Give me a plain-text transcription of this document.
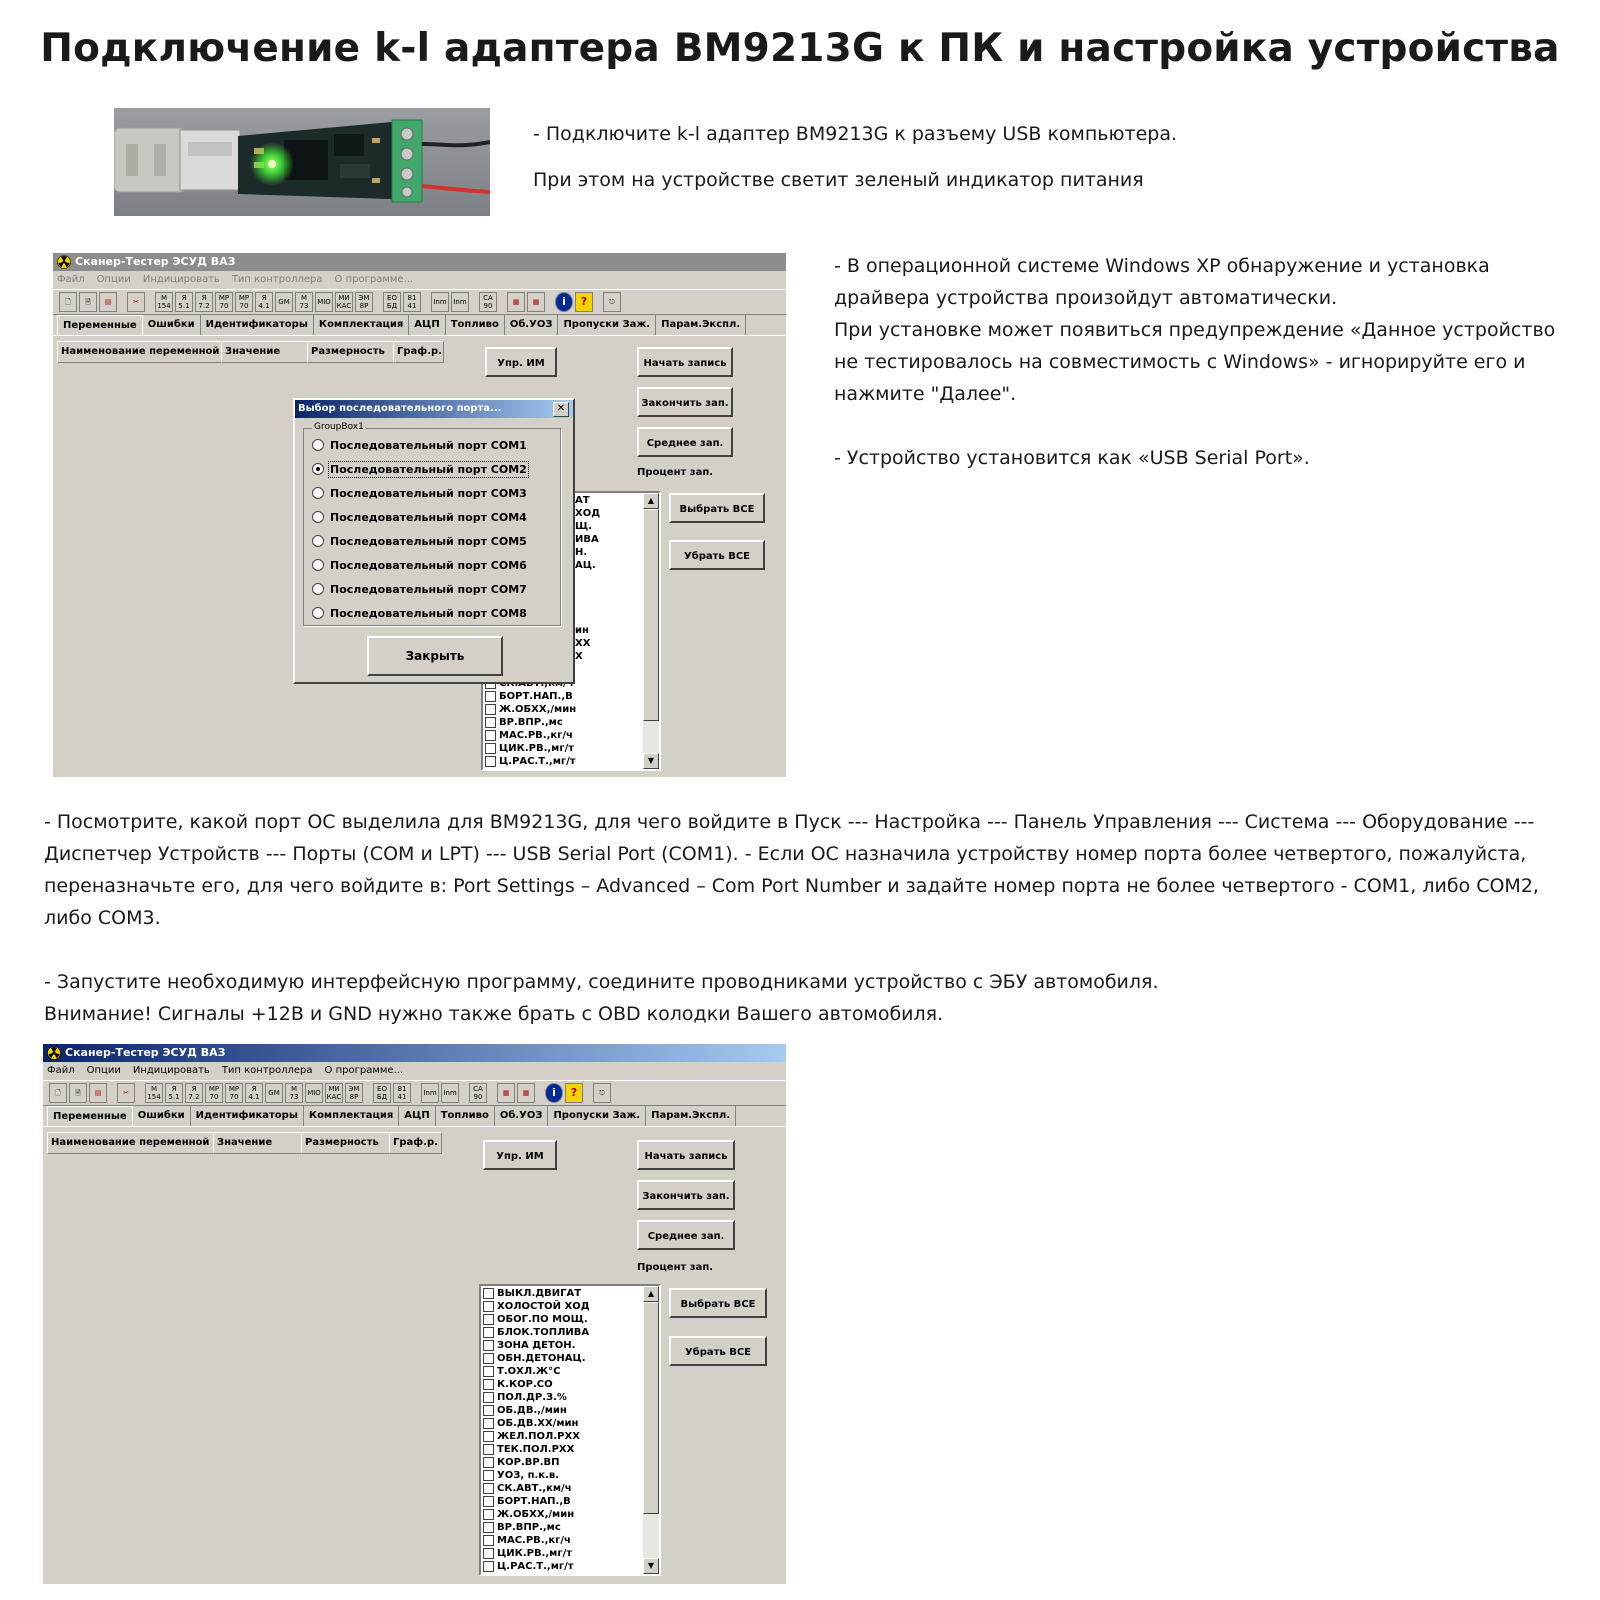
Подключение k-l адаптера BM9213G к ПК и настройка устройства

- Подключите k-l адаптер BM9213G к разъему USB компьютера.

При этом на устройстве светит зеленый индикатор питания

Сканер-Тестер ЭСУД ВАЗ
Файл Опции Индицировать Тип контроллера О программе...
🗋	🗎	▤	✂	M 154
Я 5.1
Я 7.2
MP 70
MP 70
Я 4.1	GM	M 73	MIO	MИ КАС
ЭМ 8Р
EO БД
81 41	Inm Inm	CA 90	▦	▦	i	?	⎋
Переменные	Ошибки	Идентификаторы	Комплектация	АЦП	Топливо	Об.УОЗ	Пропуски Заж.	Парам.Экспл.
Наименование переменной Значение	Размерность	Граф.р.
Упр. ИМ	Начать запись
Закончить зап.
Среднее зап.
Процент зап.
Выбрать ВСЕ
Убрать ВСЕ
АТ
ХОД
Щ.
ИВА
Н.
АЦ.
ин
ХХ
Х
БОРТ.НАП.,В
Ж.ОБХХ,/мин
ВР.ВПР.,мс
МАС.РВ.,кг/ч
ЦИК.РВ.,мг/т
Ц.РАС.Т.,мг/т
▲
▼
Выбор последовательного порта...	✕
GroupBox1
Последовательный порт COM1
Последовательный порт COM2
Последовательный порт COM3
Последовательный порт COM4
Последовательный порт COM5
Последовательный порт COM6
Последовательный порт COM7
Последовательный порт COM8
Закрыть

- В операционной системе Windows XP обнаружение и установка драйвера устройства произойдут автоматически.

При установке может появиться предупреждение «Данное устройство не тестировалось на совместимость с Windows» - игнорируйте его и нажмите "Далее".

- Устройство установится как «USB Serial Port».

- Посмотрите, какой порт ОС выделила для BM9213G, для чего войдите в Пуск --- Настройка --- Панель Управления --- Система --- Оборудование --- Диспетчер Устройств --- Порты (COM и LPT) --- USB Serial Port (COM1). - Если ОС назначила устройству номер порта более четвертого, пожалуйста, переназначьте его, для чего войдите в: Port Settings – Advanced – Com Port Number и задайте номер порта не более четвертого - COM1, либо COM2, либо COM3.

- Запустите необходимую интерфейсную программу, соедините проводниками устройство с ЭБУ автомобиля.

Внимание! Сигналы +12В и GND нужно также брать с OBD колодки Вашего автомобиля.

Сканер-Тестер ЭСУД ВАЗ
Файл Опции Индицировать Тип контроллера О программе...
🗋	🗎	▤	✂	M 154
Я 5.1
Я 7.2
MP 70
MP 70
Я 4.1	GM	M 73	MIO	MИ КАС
ЭМ 8Р
EO БД
81 41	Inm Inm	CA 90	▦	▦	i	?	⎋
Переменные	Ошибки	Идентификаторы	Комплектация	АЦП	Топливо	Об.УОЗ	Пропуски Заж.	Парам.Экспл.
Наименование переменной Значение	Размерность	Граф.р.
Упр. ИМ	Начать запись
Закончить зап.
Среднее зап.
Процент зап.
Выбрать ВСЕ
Убрать ВСЕ
ВЫКЛ.ДВИГАТ
ХОЛОСТОЙ ХОД
ОБОГ.ПО МОЩ.
БЛОК.ТОПЛИВА
ЗОНА ДЕТОН.
ОБН.ДЕТОНАЦ.
Т.ОХЛ.Ж°С
К.КОР.СО
ПОЛ.ДР.З.%
ОБ.ДВ.,/мин
ОБ.ДВ.ХХ/мин
ЖЕЛ.ПОЛ.РХХ
ТЕК.ПОЛ.РХХ
КОР.ВР.ВП
УОЗ, п.к.в.
СК.АВТ.,км/ч
БОРТ.НАП.,В
Ж.ОБХХ,/мин
ВР.ВПР.,мс
МАС.РВ.,кг/ч
ЦИК.РВ.,мг/т
Ц.РАС.Т.,мг/т
▲
▼
